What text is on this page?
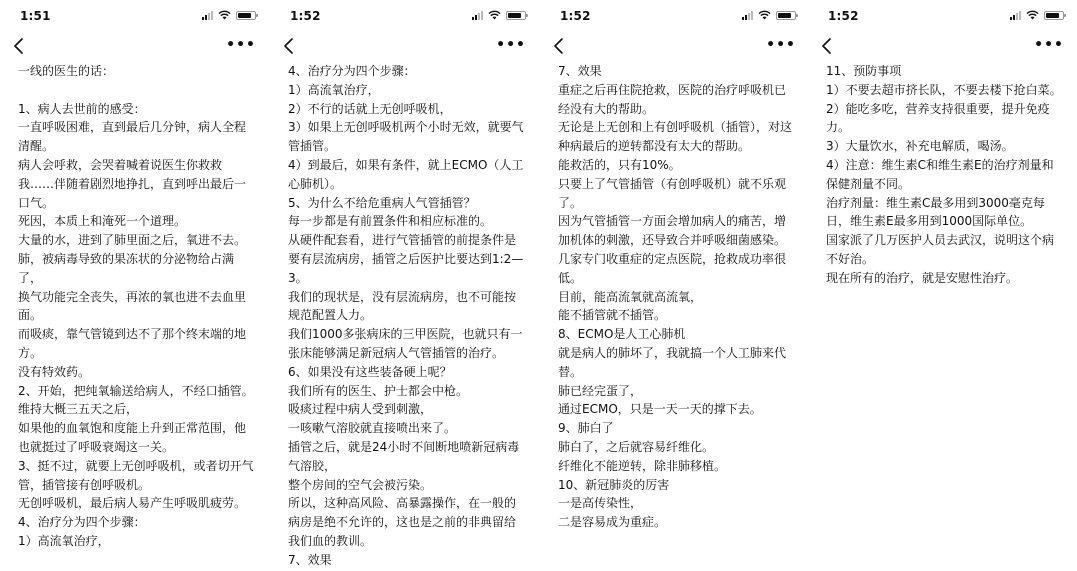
1:51
•••

一线的医生的话：

1、病人去世前的感受：

一直呼吸困难，直到最后几分钟，病人全程清醒。

病人会呼救，会哭着喊着说医生你救救我……伴随着剧烈地挣扎，直到呼出最后一口气。

死因，本质上和淹死一个道理。

大量的水，进到了肺里面之后，氧进不去。肺，被病毒导致的果冻状的分泌物给占满了，

换气功能完全丧失，再浓的氧也进不去血里面。

而吸痰，靠气管镜到达不了那个终末端的地方。

没有特效药。

2、开始，把纯氧输送给病人，不经口插管。

维持大概三五天之后，

如果他的血氧饱和度能上升到正常范围，他也就挺过了呼吸衰竭这一关。

3、挺不过，就要上无创呼吸机，或者切开气管，插管接有创呼吸机。

无创呼吸机，最后病人易产生呼吸肌疲劳。

4、治疗分为四个步骤：

1）高流氧治疗，

1:52
•••

4、治疗分为四个步骤：

1）高流氧治疗，

2）不行的话就上无创呼吸机，

3）如果上无创呼吸机两个小时无效，就要气管插管。

4）到最后，如果有条件，就上ECMO（人工心肺机）。

5、为什么不给危重病人气管插管？

每一步都是有前置条件和相应标准的。

从硬件配套看，进行气管插管的前提条件是要有层流病房，插管之后医护比要达到1:2—3。

我们的现状是，没有层流病房，也不可能按规范配置人力。

我们1000多张病床的三甲医院，也就只有一张床能够满足新冠病人气管插管的治疗。

6、如果没有这些装备硬上呢？

我们所有的医生、护士都会中枪。

吸痰过程中病人受到刺激，

一咳嗽气溶胶就直接喷出来了。

插管之后，就是24小时不间断地喷新冠病毒气溶胶，

整个房间的空气会被污染。

所以，这种高风险、高暴露操作，在一般的病房是绝不允许的，这也是之前的非典留给我们血的教训。

7、效果

1:52
•••

7、效果

重症之后再住院抢救，医院的治疗呼吸机已经没有大的帮助。

无论是上无创和上有创呼吸机（插管），对这种病最后的逆转都没有太大的帮助。

能救活的，只有10%。

只要上了气管插管（有创呼吸机）就不乐观了。

因为气管插管一方面会增加病人的痛苦，增加机体的刺激，还导致合并呼吸细菌感染。

几家专门收重症的定点医院，抢救成功率很低。

目前，能高流氧就高流氧，

能不插管就不插管。

8、ECMO是人工心肺机

就是病人的肺坏了，我就搞一个人工肺来代替。

肺已经完蛋了，

通过ECMO，只是一天一天的撑下去。

9、肺白了

肺白了，之后就容易纤维化。

纤维化不能逆转，除非肺移植。

10、新冠肺炎的厉害

一是高传染性，

二是容易成为重症。

1:52
•••

11、预防事项

1）不要去超市挤长队，不要去楼下抢白菜。

2）能吃多吃，营养支持很重要，提升免疫力。

3）大量饮水，补充电解质，喝汤。

4）注意：维生素C和维生素E的治疗剂量和保健剂量不同。

治疗剂量：维生素C最多用到3000毫克每日，维生素E最多用到1000国际单位。

国家派了几万医护人员去武汉，说明这个病不好治。

现在所有的治疗，就是安慰性治疗。
